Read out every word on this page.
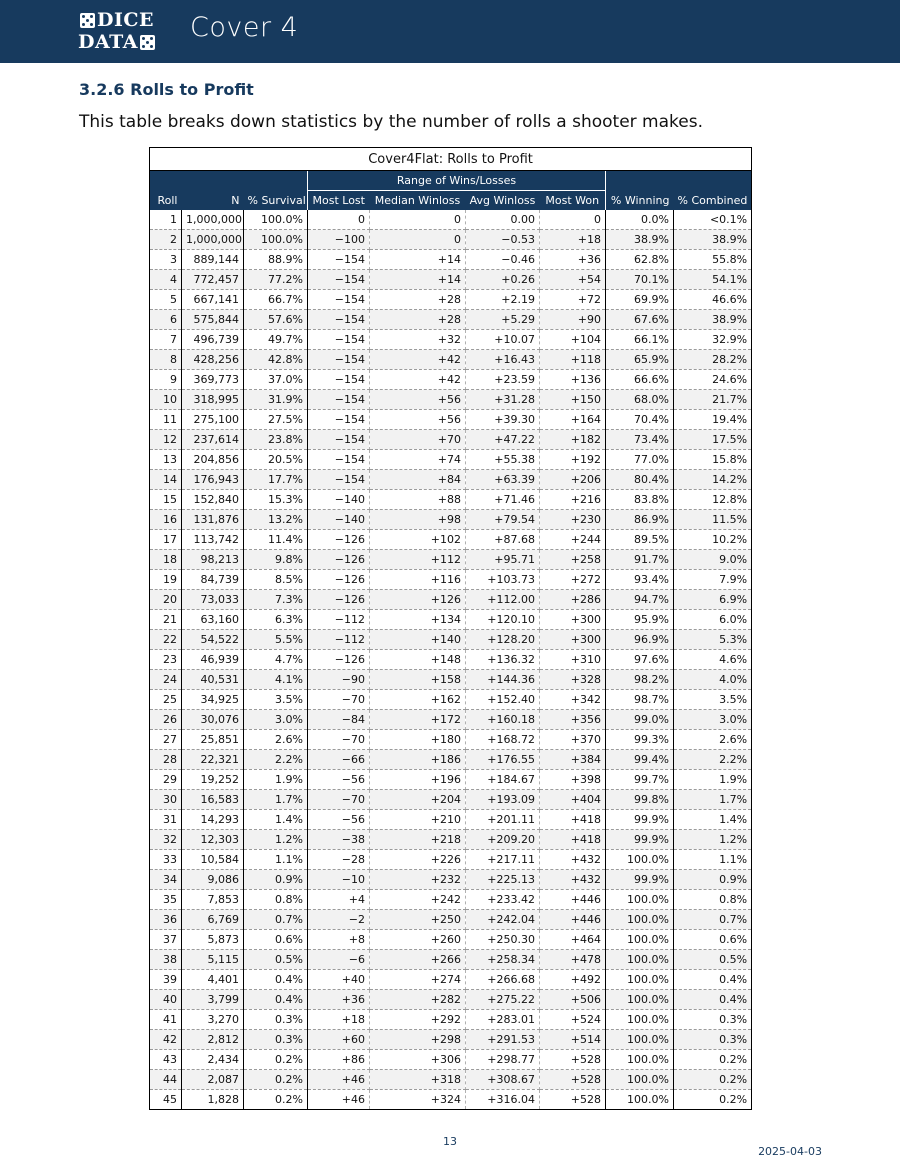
DICE
DATA Cover 4
3.2.6 Rolls to Profit

This table breaks down statistics by the number of rolls a shooter makes.

Cover4Flat: Rolls to Profit								
			Range of Wins/Losses					
Roll	N	% Survival	Most Lost	Median Winloss	Avg Winloss	Most Won	% Winning	% Combined
1	1,000,000	100.0%	0	0	0.00	0	0.0%	<0.1%
2	1,000,000	100.0%	−100	0	−0.53	+18	38.9%	38.9%
3	889,144	88.9%	−154	+14	−0.46	+36	62.8%	55.8%
4	772,457	77.2%	−154	+14	+0.26	+54	70.1%	54.1%
5	667,141	66.7%	−154	+28	+2.19	+72	69.9%	46.6%
6	575,844	57.6%	−154	+28	+5.29	+90	67.6%	38.9%
7	496,739	49.7%	−154	+32	+10.07	+104	66.1%	32.9%
8	428,256	42.8%	−154	+42	+16.43	+118	65.9%	28.2%
9	369,773	37.0%	−154	+42	+23.59	+136	66.6%	24.6%
10	318,995	31.9%	−154	+56	+31.28	+150	68.0%	21.7%
11	275,100	27.5%	−154	+56	+39.30	+164	70.4%	19.4%
12	237,614	23.8%	−154	+70	+47.22	+182	73.4%	17.5%
13	204,856	20.5%	−154	+74	+55.38	+192	77.0%	15.8%
14	176,943	17.7%	−154	+84	+63.39	+206	80.4%	14.2%
15	152,840	15.3%	−140	+88	+71.46	+216	83.8%	12.8%
16	131,876	13.2%	−140	+98	+79.54	+230	86.9%	11.5%
17	113,742	11.4%	−126	+102	+87.68	+244	89.5%	10.2%
18	98,213	9.8%	−126	+112	+95.71	+258	91.7%	9.0%
19	84,739	8.5%	−126	+116	+103.73	+272	93.4%	7.9%
20	73,033	7.3%	−126	+126	+112.00	+286	94.7%	6.9%
21	63,160	6.3%	−112	+134	+120.10	+300	95.9%	6.0%
22	54,522	5.5%	−112	+140	+128.20	+300	96.9%	5.3%
23	46,939	4.7%	−126	+148	+136.32	+310	97.6%	4.6%
24	40,531	4.1%	−90	+158	+144.36	+328	98.2%	4.0%
25	34,925	3.5%	−70	+162	+152.40	+342	98.7%	3.5%
26	30,076	3.0%	−84	+172	+160.18	+356	99.0%	3.0%
27	25,851	2.6%	−70	+180	+168.72	+370	99.3%	2.6%
28	22,321	2.2%	−66	+186	+176.55	+384	99.4%	2.2%
29	19,252	1.9%	−56	+196	+184.67	+398	99.7%	1.9%
30	16,583	1.7%	−70	+204	+193.09	+404	99.8%	1.7%
31	14,293	1.4%	−56	+210	+201.11	+418	99.9%	1.4%
32	12,303	1.2%	−38	+218	+209.20	+418	99.9%	1.2%
33	10,584	1.1%	−28	+226	+217.11	+432	100.0%	1.1%
34	9,086	0.9%	−10	+232	+225.13	+432	99.9%	0.9%
35	7,853	0.8%	+4	+242	+233.42	+446	100.0%	0.8%
36	6,769	0.7%	−2	+250	+242.04	+446	100.0%	0.7%
37	5,873	0.6%	+8	+260	+250.30	+464	100.0%	0.6%
38	5,115	0.5%	−6	+266	+258.34	+478	100.0%	0.5%
39	4,401	0.4%	+40	+274	+266.68	+492	100.0%	0.4%
40	3,799	0.4%	+36	+282	+275.22	+506	100.0%	0.4%
41	3,270	0.3%	+18	+292	+283.01	+524	100.0%	0.3%
42	2,812	0.3%	+60	+298	+291.53	+514	100.0%	0.3%
43	2,434	0.2%	+86	+306	+298.77	+528	100.0%	0.2%
44	2,087	0.2%	+46	+318	+308.67	+528	100.0%	0.2%
45	1,828	0.2%	+46	+324	+316.04	+528	100.0%	0.2%
13
2025-04-03
